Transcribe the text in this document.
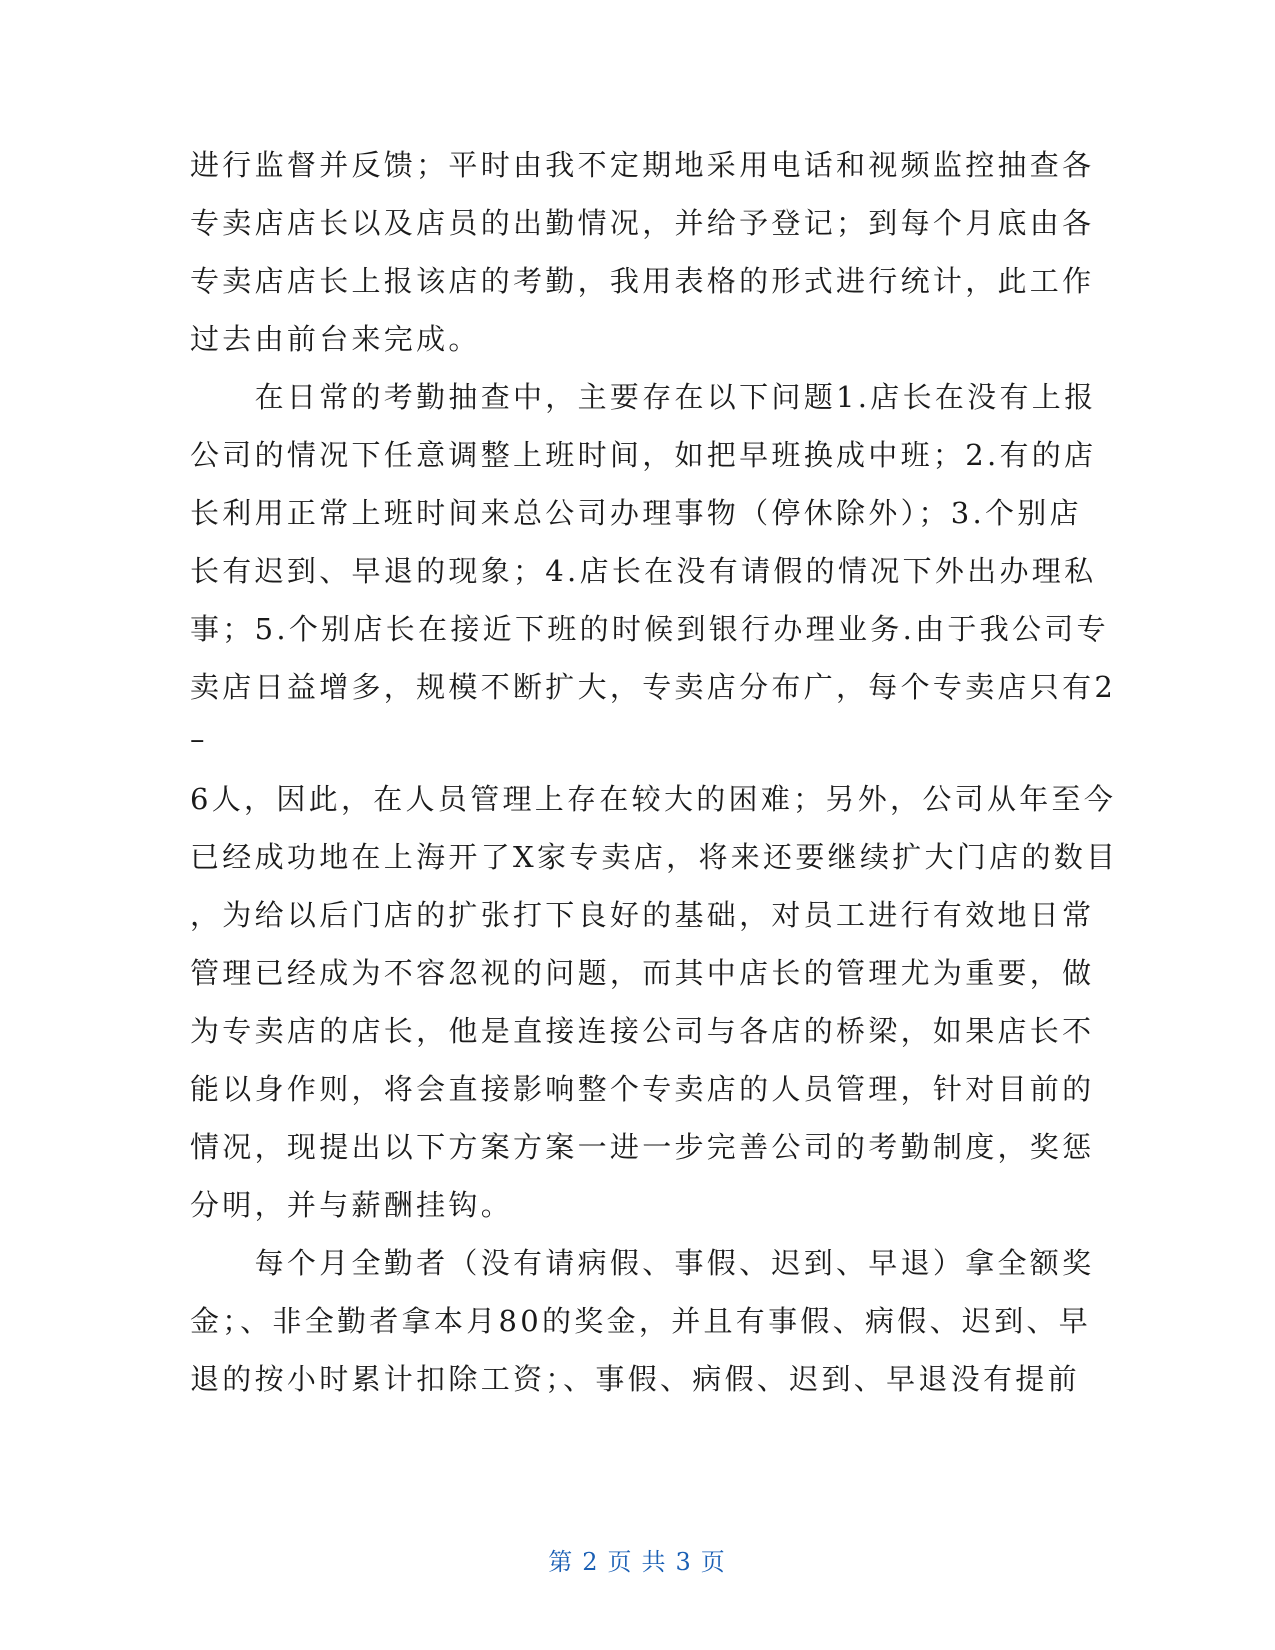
进行监督并反馈；平时由我不定期地采用电话和视频监控抽查各

专卖店店长以及店员的出勤情况，并给予登记；到每个月底由各

专卖店店长上报该店的考勤，我用表格的形式进行统计，此工作

过去由前台来完成。

　　在日常的考勤抽查中，主要存在以下问题1.店长在没有上报

公司的情况下任意调整上班时间，如把早班换成中班；2.有的店

长利用正常上班时间来总公司办理事物（停休除外）；3.个别店

长有迟到、早退的现象；4.店长在没有请假的情况下外出办理私

事；5.个别店长在接近下班的时候到银行办理业务.由于我公司专

卖店日益增多，规模不断扩大，专卖店分布广，每个专卖店只有2

–

6人，因此，在人员管理上存在较大的困难；另外，公司从年至今

已经成功地在上海开了X家专卖店，将来还要继续扩大门店的数目

，为给以后门店的扩张打下良好的基础，对员工进行有效地日常

管理已经成为不容忽视的问题，而其中店长的管理尤为重要，做

为专卖店的店长，他是直接连接公司与各店的桥梁，如果店长不

能以身作则，将会直接影响整个专卖店的人员管理，针对目前的

情况，现提出以下方案方案一进一步完善公司的考勤制度，奖惩

分明，并与薪酬挂钩。

　　每个月全勤者（没有请病假、事假、迟到、早退）拿全额奖

金；、非全勤者拿本月80的奖金，并且有事假、病假、迟到、早

退的按小时累计扣除工资；、事假、病假、迟到、早退没有提前

第 2 页 共 3 页
